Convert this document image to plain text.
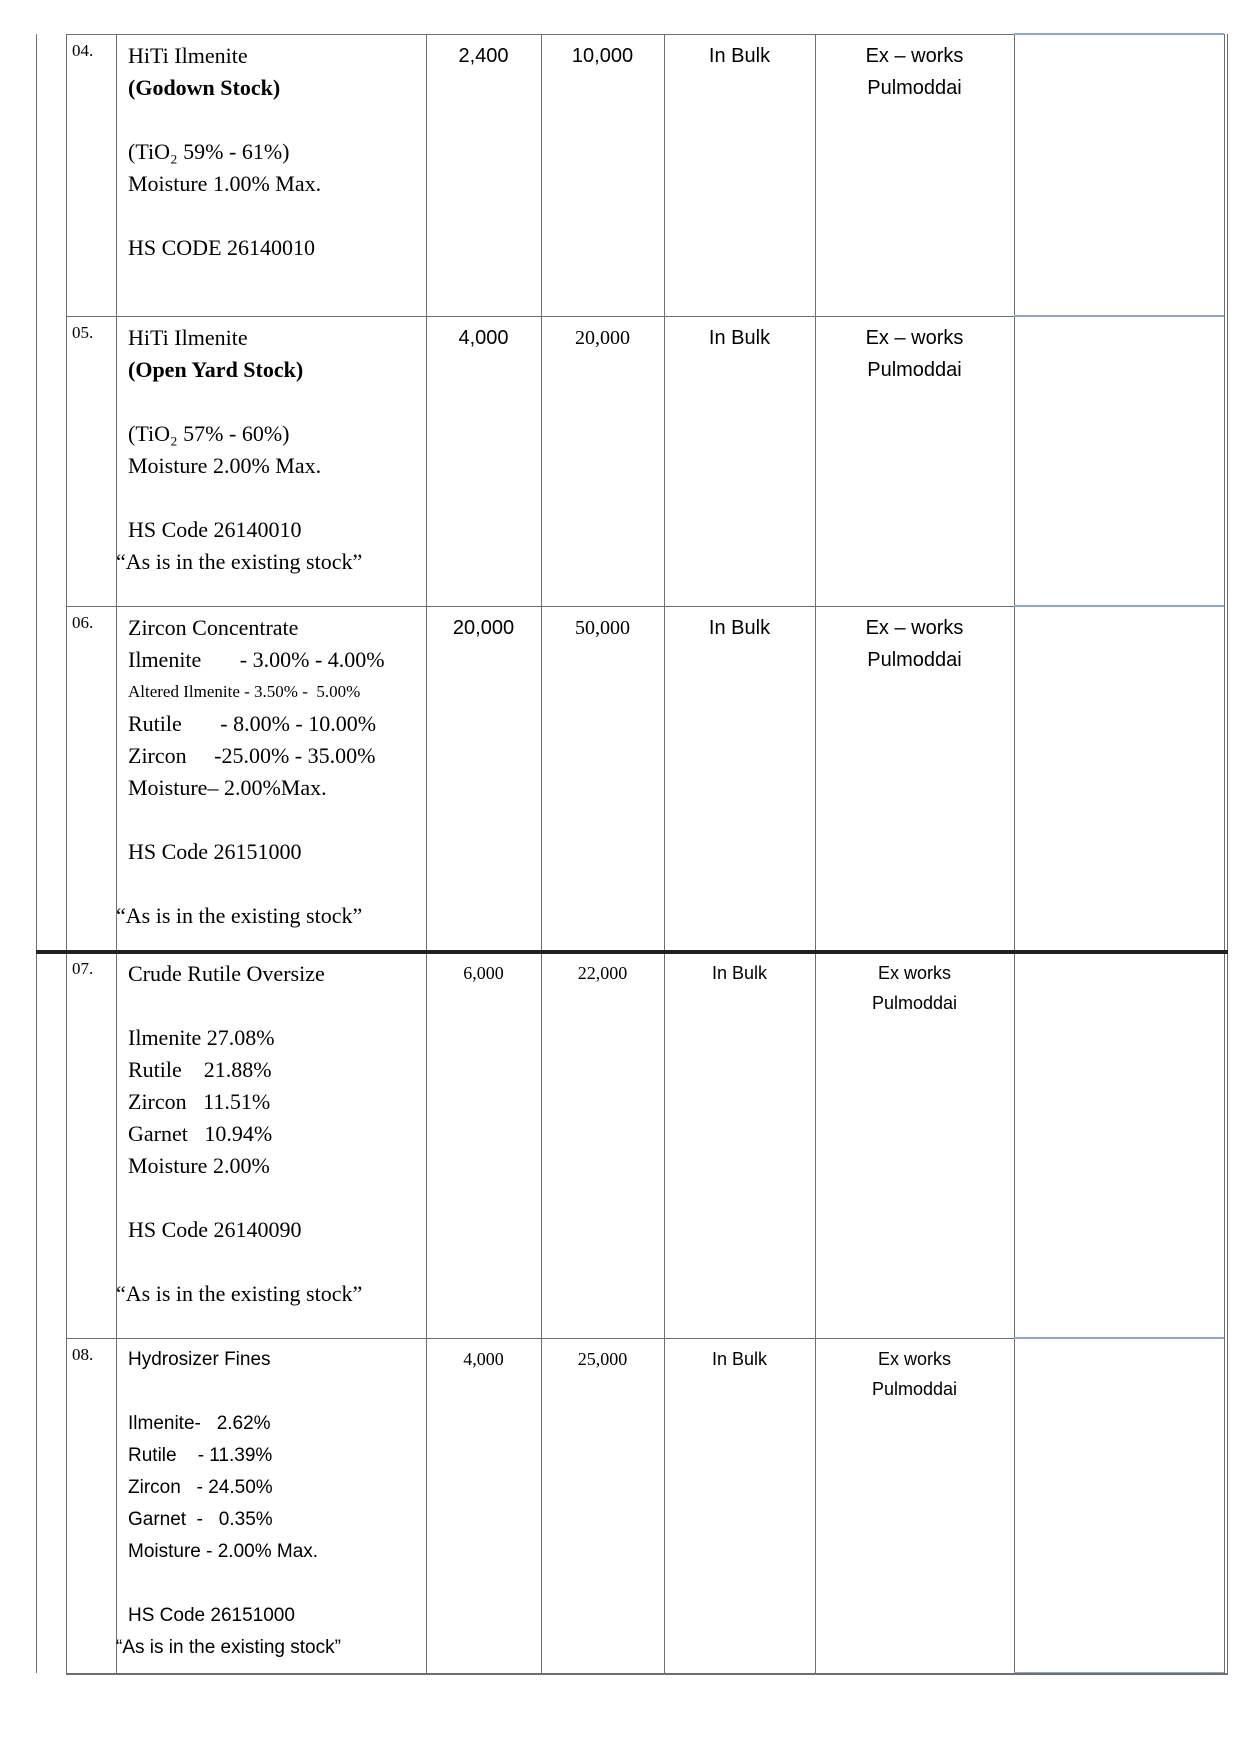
04.	HiTi Ilmenite
(Godown Stock)
(TiO₂ 59% - 61%)
Moisture 1.00% Max.
HS CODE 26140010
2,400	10,000	In Bulk	Ex – works
Pulmoddai
05.	HiTi Ilmenite
(Open Yard Stock)
(TiO₂ 57% - 60%)
Moisture 2.00% Max.
HS Code 26140010
“As is in the existing stock”
4,000	20,000	In Bulk	Ex – works
Pulmoddai
06.	Zircon Concentrate
Ilmenite       - 3.00% - 4.00%
Altered Ilmenite - 3.50% -  5.00%
Rutile       - 8.00% - 10.00%
Zircon     -25.00% - 35.00%
Moisture– 2.00%Max.
HS Code 26151000
“As is in the existing stock”
20,000	50,000	In Bulk	Ex – works
Pulmoddai
07.	Crude Rutile Oversize
Ilmenite 27.08%
Rutile    21.88%
Zircon   11.51%
Garnet   10.94%
Moisture 2.00%
HS Code 26140090
“As is in the existing stock”
6,000	22,000	In Bulk	Ex works
Pulmoddai
08.	Hydrosizer Fines
Ilmenite-   2.62%
Rutile    - 11.39%
Zircon   - 24.50%
Garnet  -   0.35%
Moisture - 2.00% Max.
HS Code 26151000
“As is in the existing stock”
4,000	25,000	In Bulk	Ex works
Pulmoddai
